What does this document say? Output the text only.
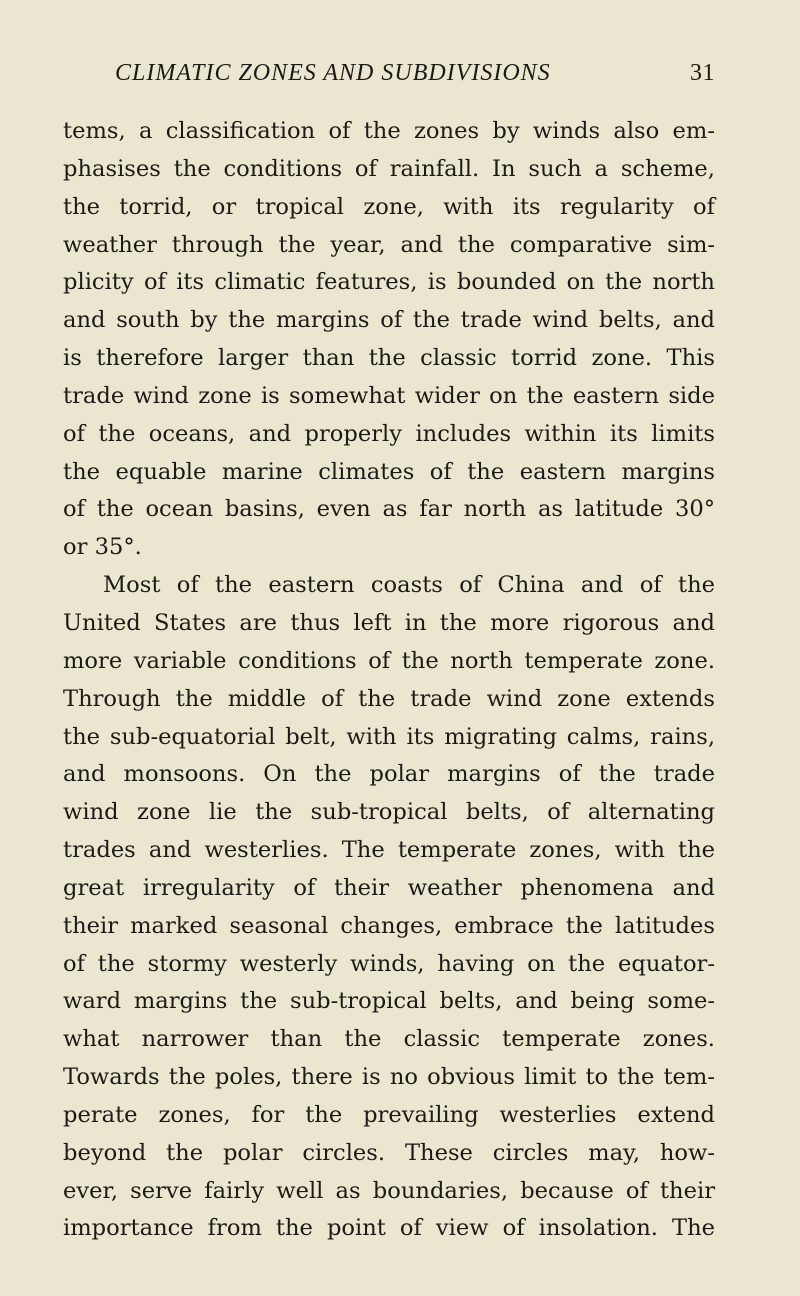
CLIMATIC ZONES AND SUBDIVISIONS	31
tems, a classification of the zones by winds also em-
phasises the conditions of rainfall. In such a scheme,
the torrid, or tropical zone, with its regularity of
weather through the year, and the comparative sim-
plicity of its climatic features, is bounded on the north
and south by the margins of the trade wind belts, and
is therefore larger than the classic torrid zone. This
trade wind zone is somewhat wider on the eastern side
of the oceans, and properly includes within its limits
the equable marine climates of the eastern margins
of the ocean basins, even as far north as latitude 30°
or 35°.
Most of the eastern coasts of China and of the
United States are thus left in the more rigorous and
more variable conditions of the north temperate zone.
Through the middle of the trade wind zone extends
the sub-equatorial belt, with its migrating calms, rains,
and monsoons. On the polar margins of the trade
wind zone lie the sub-tropical belts, of alternating
trades and westerlies. The temperate zones, with the
great irregularity of their weather phenomena and
their marked seasonal changes, embrace the latitudes
of the stormy westerly winds, having on the equator-
ward margins the sub-tropical belts, and being some-
what narrower than the classic temperate zones.
Towards the poles, there is no obvious limit to the tem-
perate zones, for the prevailing westerlies extend
beyond the polar circles. These circles may, how-
ever, serve fairly well as boundaries, because of their
importance from the point of view of insolation. The
